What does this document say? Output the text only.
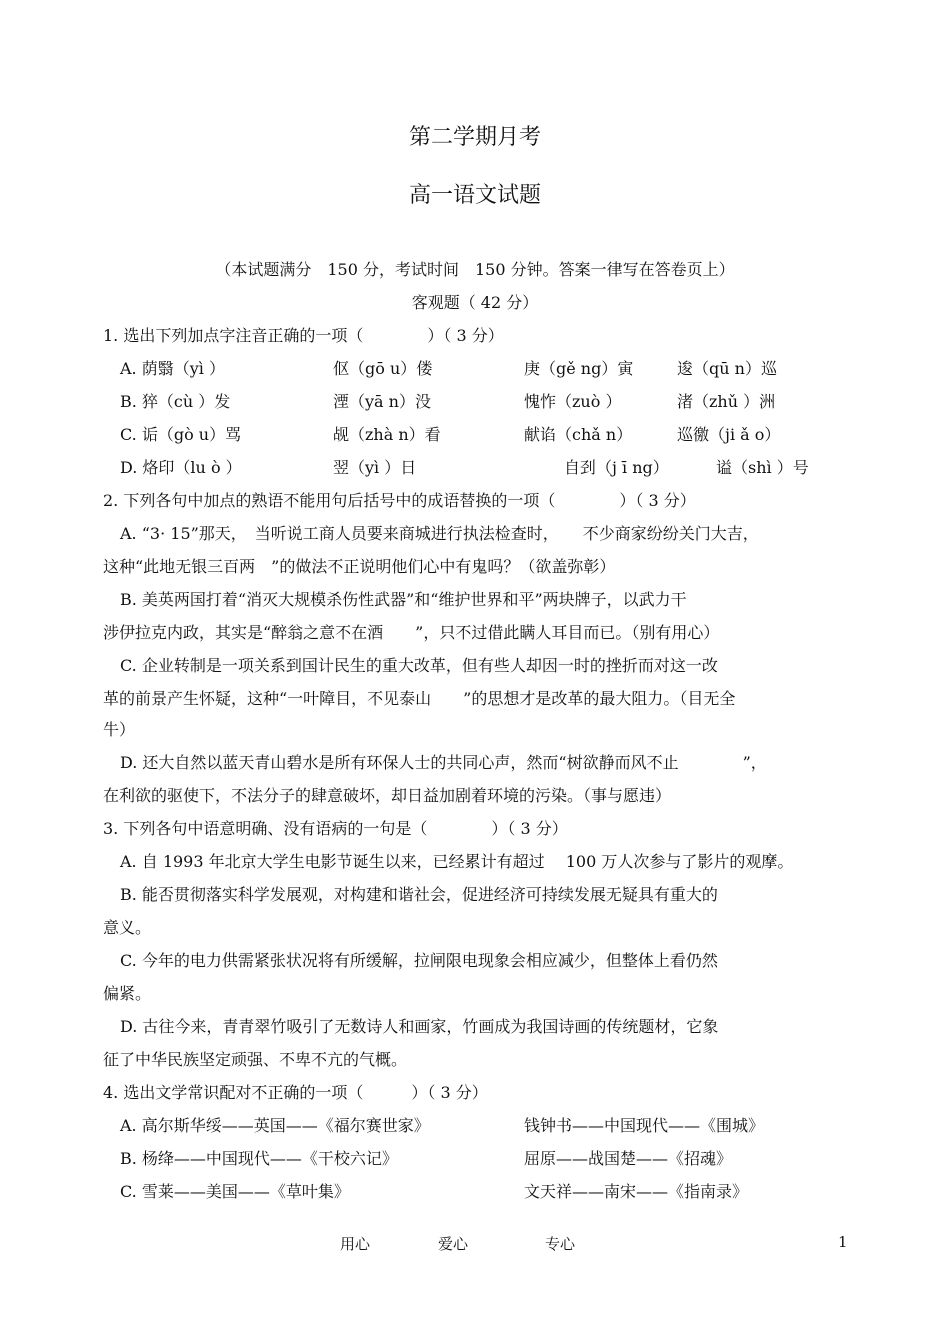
第二学期月考
高一语文试题
（本试题满分　150 分，考试时间　150 分钟。答案一律写在答卷页上）
客观题（ 42 分）
1. 选出下列加点字注音正确的一项（　　　　）（ 3 分）
A. 荫翳（yì ）	伛（gō u）偻	庚（gě ng）寅	逡（qū n）巡
B. 猝（cù ）发	湮（yā n）没	愧怍（zuò ）	渚（zhǔ ）洲
C. 诟（gò u）骂	觇（zhà n）看	献谄（chǎ n）	巡徼（ji ǎ o）
D. 烙印（lu ò ）	翌（yì ）日	自刭（j ī ng）	谥（shì ）号
2. 下列各句中加点的熟语不能用句后括号中的成语替换的一项（　　　　）（ 3 分）
A. “3· 15”那天，　当听说工商人员要来商城进行执法检查时，　　不少商家纷纷关门大吉，
这种“此地无银三百两　”的做法不正说明他们心中有鬼吗？（欲盖弥彰）
B. 美英两国打着“消灭大规模杀伤性武器”和“维护世界和平”两块牌子，以武力干
涉伊拉克内政，其实是“醉翁之意不在酒　　”，只不过借此瞒人耳目而已。（别有用心）
C. 企业转制是一项关系到国计民生的重大改革，但有些人却因一时的挫折而对这一改
革的前景产生怀疑，这种“一叶障目，不见泰山　　”的思想才是改革的最大阻力。（目无全
牛）
D. 还大自然以蓝天青山碧水是所有环保人士的共同心声，然而“树欲静而风不止　　　　”，
在利欲的驱使下，不法分子的肆意破坏，却日益加剧着环境的污染。（事与愿违）
3. 下列各句中语意明确、没有语病的一句是（　　　　）（ 3 分）
A. 自 1993 年北京大学生电影节诞生以来，已经累计有超过　 100 万人次参与了影片的观摩。
B. 能否贯彻落实科学发展观，对构建和谐社会，促进经济可持续发展无疑具有重大的
意义。
C. 今年的电力供需紧张状况将有所缓解，拉闸限电现象会相应减少，但整体上看仍然
偏紧。
D. 古往今来，青青翠竹吸引了无数诗人和画家，竹画成为我国诗画的传统题材，它象
征了中华民族坚定顽强、不卑不亢的气概。
4. 选出文学常识配对不正确的一项（　　　）（ 3 分）
A. 高尔斯华绥——英国——《福尔赛世家》	钱钟书——中国现代——《围城》
B. 杨绛——中国现代——《干校六记》	屈原——战国楚——《招魂》
C. 雪莱——美国——《草叶集》	文天祥——南宋——《指南录》
用心	爱心	专心	1
